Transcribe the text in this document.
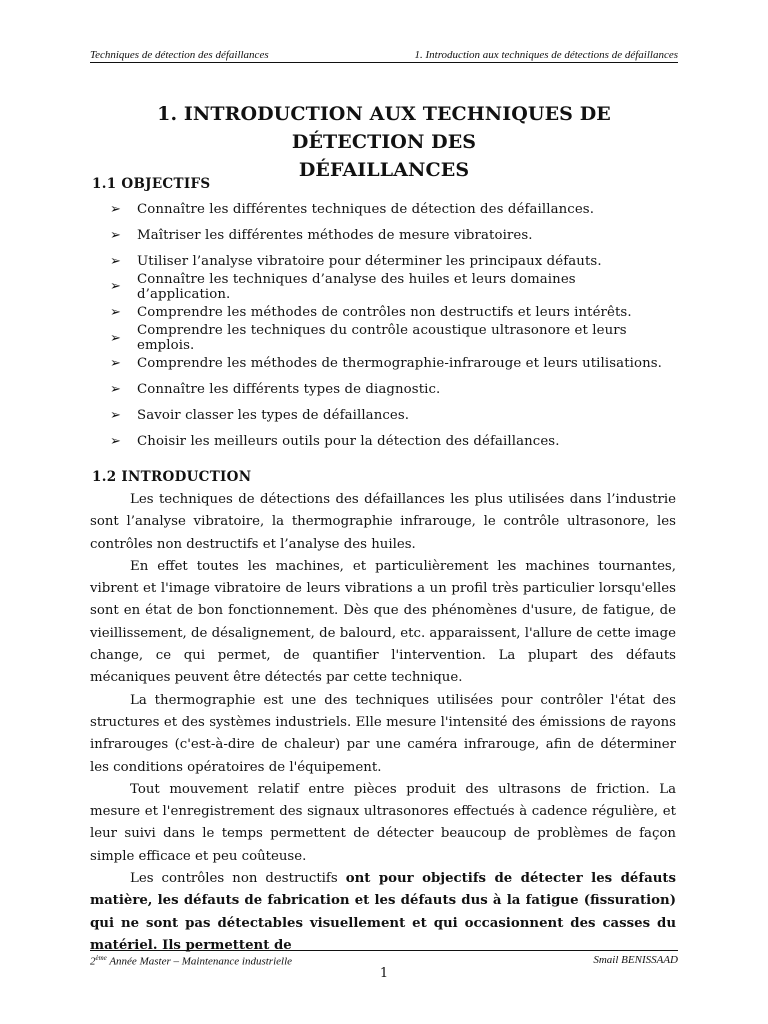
Techniques de détection des défaillances	1. Introduction aux techniques de détections de défaillances
1. INTRODUCTION AUX TECHNIQUES DE DÉTECTION DES
DÉFAILLANCES
1.1 OBJECTIFS
➢	Connaître les différentes techniques de détection des défaillances.
➢	Maîtriser les différentes méthodes de mesure vibratoires.
➢	Utiliser l’analyse vibratoire pour déterminer les principaux défauts.
➢	Connaître les techniques d’analyse des huiles et leurs domaines d’application.
➢	Comprendre les méthodes de contrôles non destructifs et leurs intérêts.
➢	Comprendre les techniques du contrôle acoustique ultrasonore et leurs emplois.
➢	Comprendre les méthodes de thermographie-infrarouge et leurs utilisations.
➢	Connaître les différents types de diagnostic.
➢	Savoir classer les types de défaillances.
➢	Choisir les meilleurs outils pour la détection des défaillances.
1.2 INTRODUCTION

Les techniques de détections des défaillances les plus utilisées dans l’industrie sont l’analyse vibratoire, la thermographie infrarouge, le contrôle ultrasonore, les contrôles non destructifs et l’analyse des huiles.

En effet toutes les machines, et particulièrement les machines tournantes, vibrent et l'image vibratoire de leurs vibrations a un profil très particulier lorsqu'elles sont en état de bon fonctionnement. Dès que des phénomènes d'usure, de fatigue, de vieillissement, de désalignement, de balourd, etc. apparaissent, l'allure de cette image change, ce qui permet, de quantifier l'intervention. La plupart des défauts mécaniques peuvent être détectés par cette technique.

La thermographie est une des techniques utilisées pour contrôler l'état des structures et des systèmes industriels. Elle mesure l'intensité des émissions de rayons infrarouges (c'est-à-dire de chaleur) par une caméra infrarouge, afin de déterminer les conditions opératoires de l'équipement.

Tout mouvement relatif entre pièces produit des ultrasons de friction. La mesure et l'enregistrement des signaux ultrasonores effectués à cadence régulière, et leur suivi dans le temps permettent de détecter beaucoup de problèmes de façon simple efficace et peu coûteuse.

Les contrôles non destructifs ont pour objectifs de détecter les défauts matière, les défauts de fabrication et les défauts dus à la fatigue (fissuration) qui ne sont pas détectables visuellement et qui occasionnent des casses du matériel. Ils permettent de

2ème Année Master – Maintenance industrielle	Smail BENISSAAD
1
